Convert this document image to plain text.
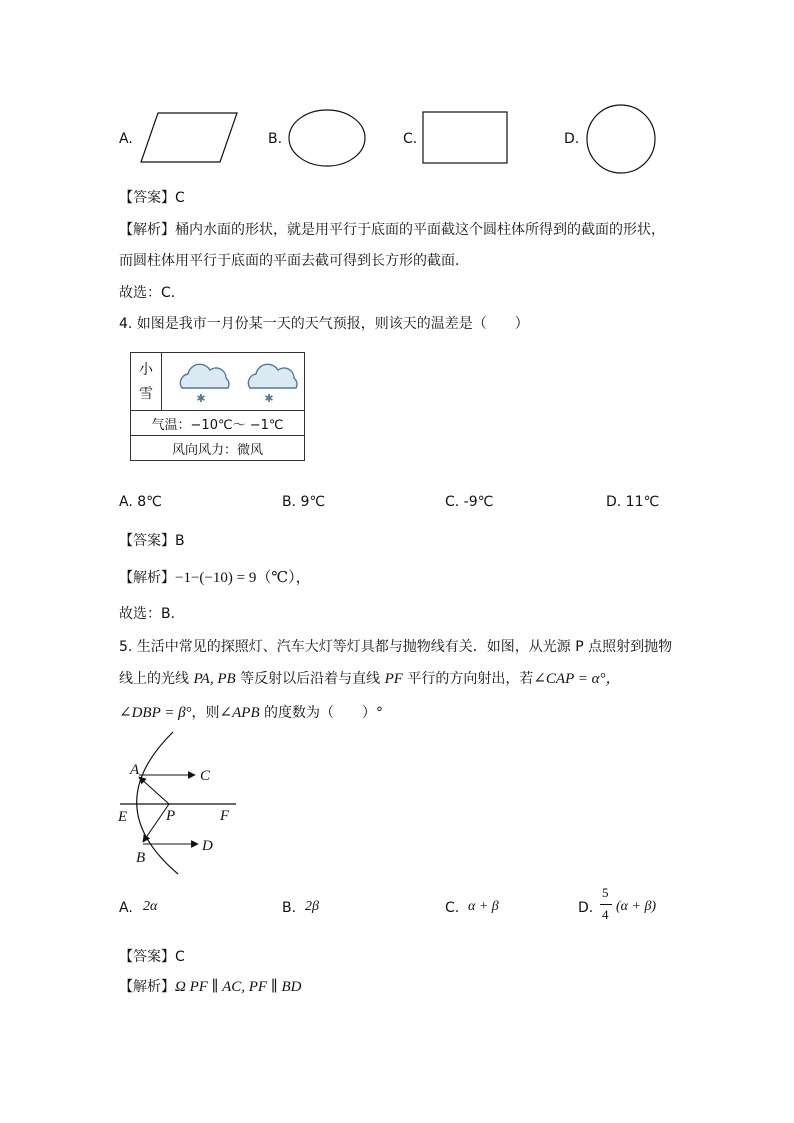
A.	B.	C.	D.
【答案】C
【解析】桶内水面的形状，就是用平行于底面的平面截这个圆柱体所得到的截面的形状，
而圆柱体用平行于底面的平面去截可得到长方形的截面．
故选：C．
4. 如图是我市一月份某一天的天气预报，则该天的温差是（　　）
小
雪	✱	✱

气温：−10℃～ −1℃
风向风力：微风
A. 8℃	B. 9℃	C. -9℃	D. 11℃
【答案】B
【解析】−1−(−10) = 9（℃），
故选：B．
5. 生活中常见的探照灯、汽车大灯等灯具都与抛物线有关．如图，从光源 P 点照射到抛物
线上的光线 PA, PB 等反射以后沿着与直线 PF 平行的方向射出，若∠CAP = α°，
∠DBP = β°，则∠APB 的度数为（　　）°
A	C
E	P	F
D
B
A. 2α	B. 2β	C. α + β	D.
5
4
(α + β)
【答案】C
【解析】Ω PF ∥ AC, PF ∥ BD
